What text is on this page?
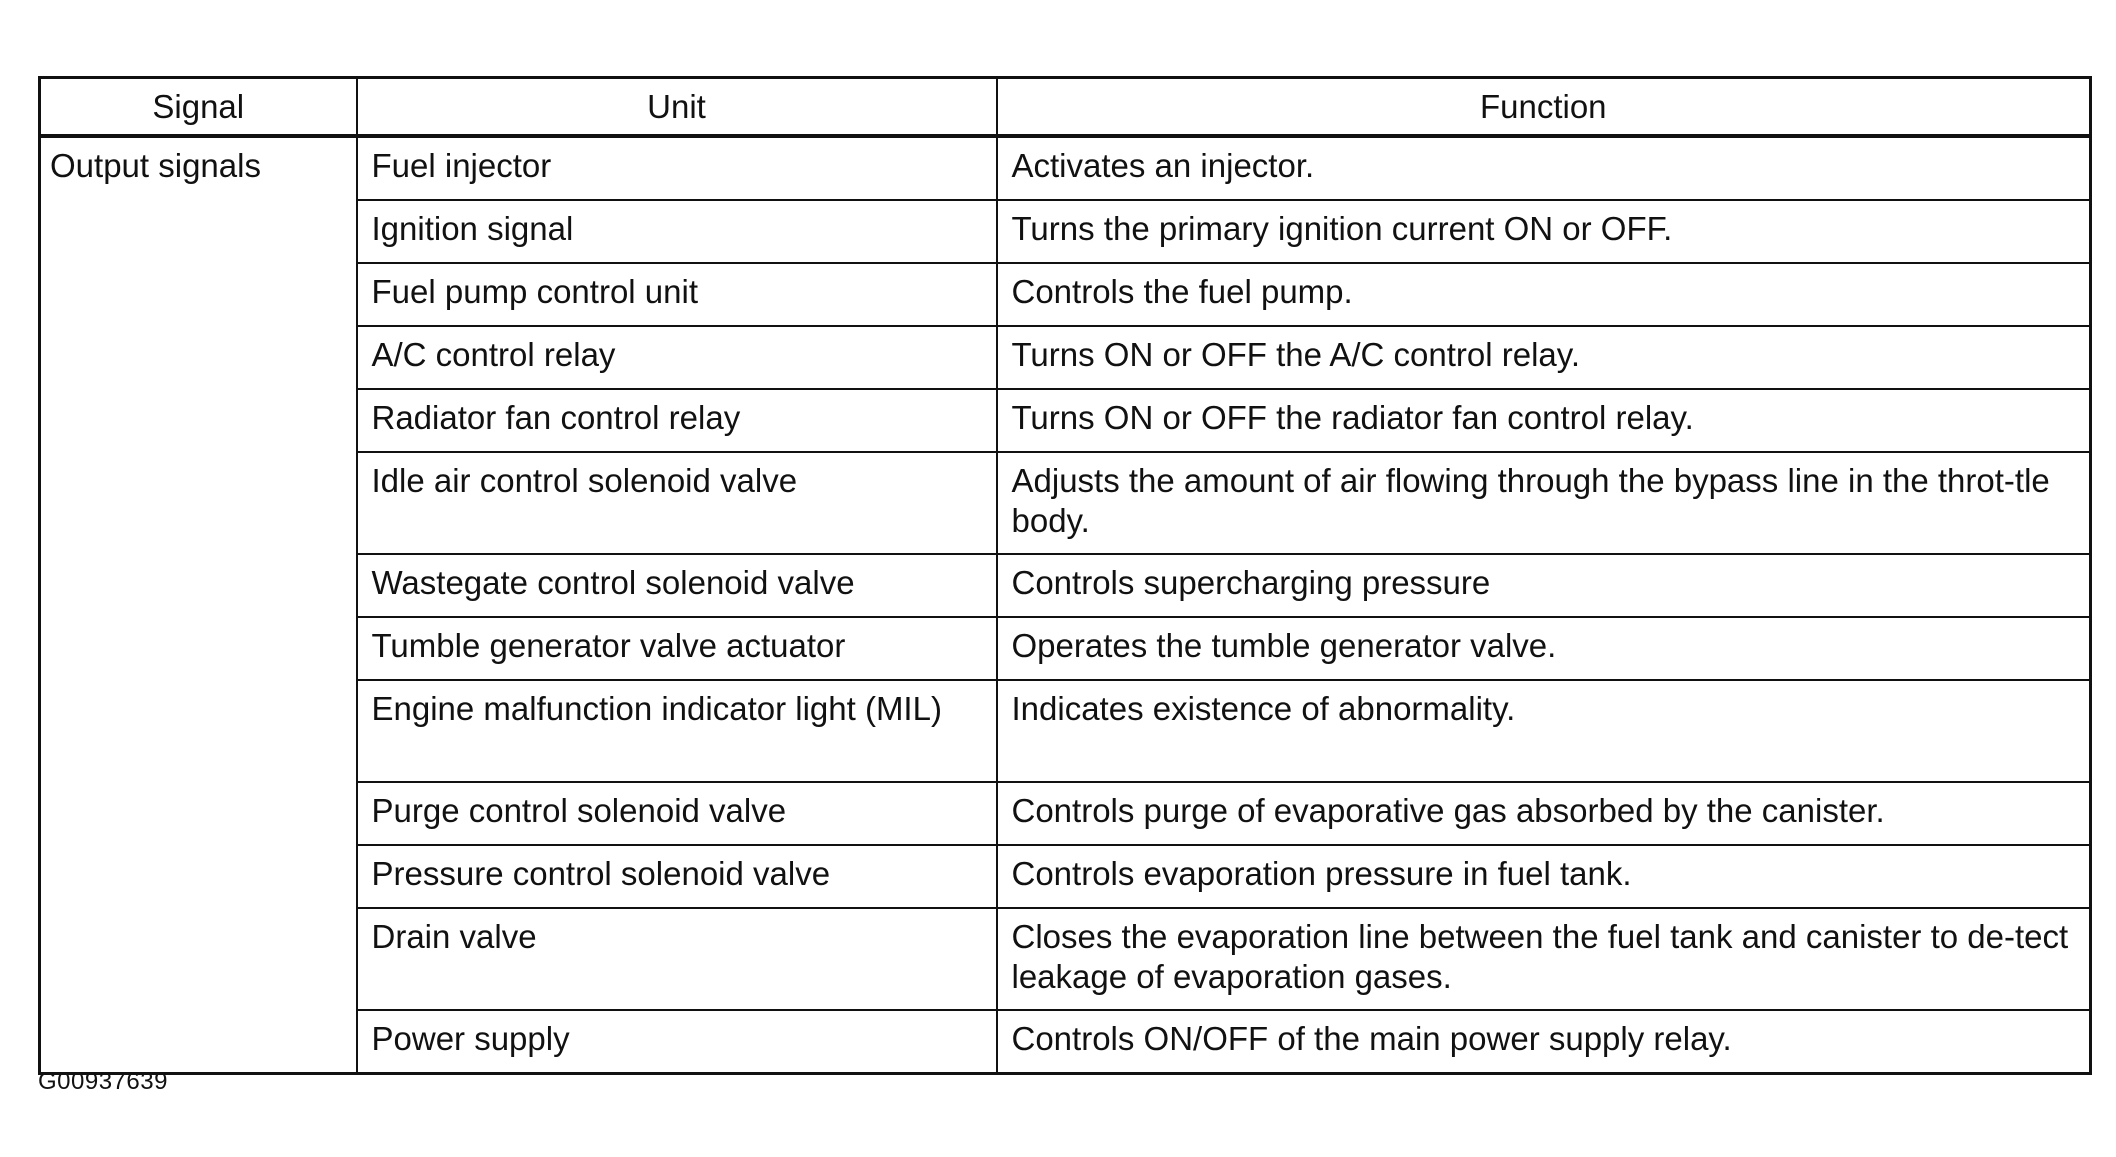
Signal	Unit	Function
Output signals	Fuel injector	Activates an injector.
	Ignition signal	Turns the primary ignition current ON or OFF.
	Fuel pump control unit	Controls the fuel pump.
	A/C control relay	Turns ON or OFF the A/C control relay.
	Radiator fan control relay	Turns ON or OFF the radiator fan control relay.
	Idle air control solenoid valve	Adjusts the amount of air flowing through the bypass line in the throt-tle body.
	Wastegate control solenoid valve	Controls supercharging pressure
	Tumble generator valve actuator	Operates the tumble generator valve.
	Engine malfunction indicator light (MIL)	Indicates existence of abnormality.
	Purge control solenoid valve	Controls purge of evaporative gas absorbed by the canister.
	Pressure control solenoid valve	Controls evaporation pressure in fuel tank.
	Drain valve	Closes the evaporation line between the fuel tank and canister to de-tect leakage of evaporation gases.
	Power supply	Controls ON/OFF of the main power supply relay.
G00937639
